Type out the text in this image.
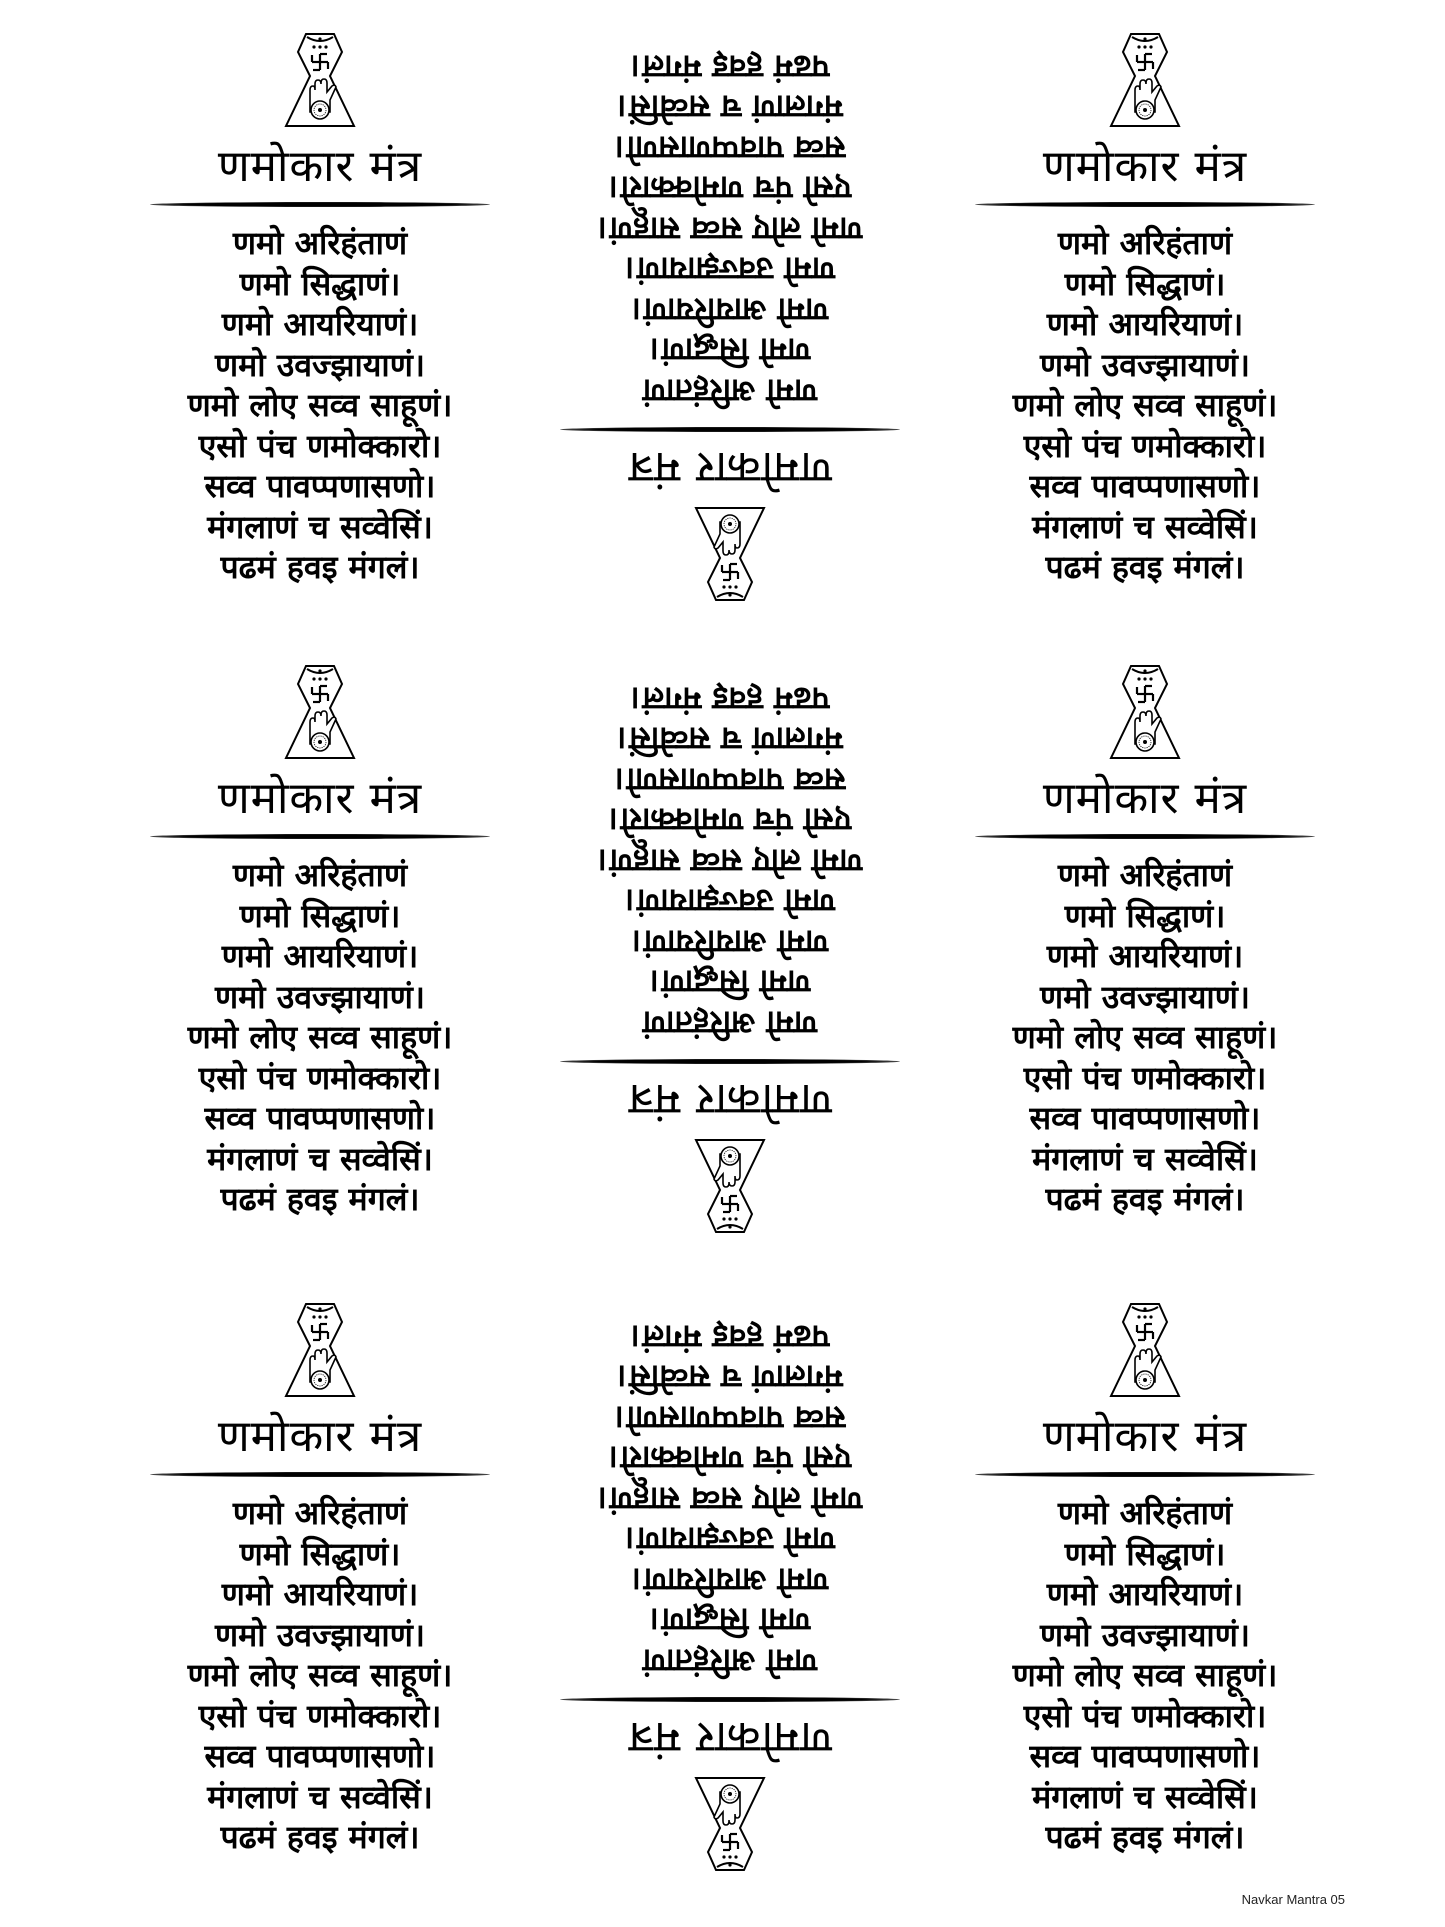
णमोकार मंत्र
णमो अरिहंताणं
णमो सिद्धाणं।
णमो आयरियाणं।
णमो उवज्झायाणं।
णमो लोए सव्व साहूणं।
एसो पंच णमोक्कारो।
सव्व पावप्पणासणो।
मंगलाणं च सव्वेसिं।
पढमं हवइ मंगलं।
णमोकार मंत्र
णमो अरिहंताणं
णमो सिद्धाणं।
णमो आयरियाणं।
णमो उवज्झायाणं।
णमो लोए सव्व साहूणं।
एसो पंच णमोक्कारो।
सव्व पावप्पणासणो।
मंगलाणं च सव्वेसिं।
पढमं हवइ मंगलं।
णमोकार मंत्र
णमो अरिहंताणं
णमो सिद्धाणं।
णमो आयरियाणं।
णमो उवज्झायाणं।
णमो लोए सव्व साहूणं।
एसो पंच णमोक्कारो।
सव्व पावप्पणासणो।
मंगलाणं च सव्वेसिं।
पढमं हवइ मंगलं।
णमोकार मंत्र
णमो अरिहंताणं
णमो सिद्धाणं।
णमो आयरियाणं।
णमो उवज्झायाणं।
णमो लोए सव्व साहूणं।
एसो पंच णमोक्कारो।
सव्व पावप्पणासणो।
मंगलाणं च सव्वेसिं।
पढमं हवइ मंगलं।
णमोकार मंत्र
णमो अरिहंताणं
णमो सिद्धाणं।
णमो आयरियाणं।
णमो उवज्झायाणं।
णमो लोए सव्व साहूणं।
एसो पंच णमोक्कारो।
सव्व पावप्पणासणो।
मंगलाणं च सव्वेसिं।
पढमं हवइ मंगलं।
णमोकार मंत्र
णमो अरिहंताणं
णमो सिद्धाणं।
णमो आयरियाणं।
णमो उवज्झायाणं।
णमो लोए सव्व साहूणं।
एसो पंच णमोक्कारो।
सव्व पावप्पणासणो।
मंगलाणं च सव्वेसिं।
पढमं हवइ मंगलं।
णमोकार मंत्र
णमो अरिहंताणं
णमो सिद्धाणं।
णमो आयरियाणं।
णमो उवज्झायाणं।
णमो लोए सव्व साहूणं।
एसो पंच णमोक्कारो।
सव्व पावप्पणासणो।
मंगलाणं च सव्वेसिं।
पढमं हवइ मंगलं।
णमोकार मंत्र
णमो अरिहंताणं
णमो सिद्धाणं।
णमो आयरियाणं।
णमो उवज्झायाणं।
णमो लोए सव्व साहूणं।
एसो पंच णमोक्कारो।
सव्व पावप्पणासणो।
मंगलाणं च सव्वेसिं।
पढमं हवइ मंगलं।
णमोकार मंत्र
णमो अरिहंताणं
णमो सिद्धाणं।
णमो आयरियाणं।
णमो उवज्झायाणं।
णमो लोए सव्व साहूणं।
एसो पंच णमोक्कारो।
सव्व पावप्पणासणो।
मंगलाणं च सव्वेसिं।
पढमं हवइ मंगलं।
Navkar Mantra 05
